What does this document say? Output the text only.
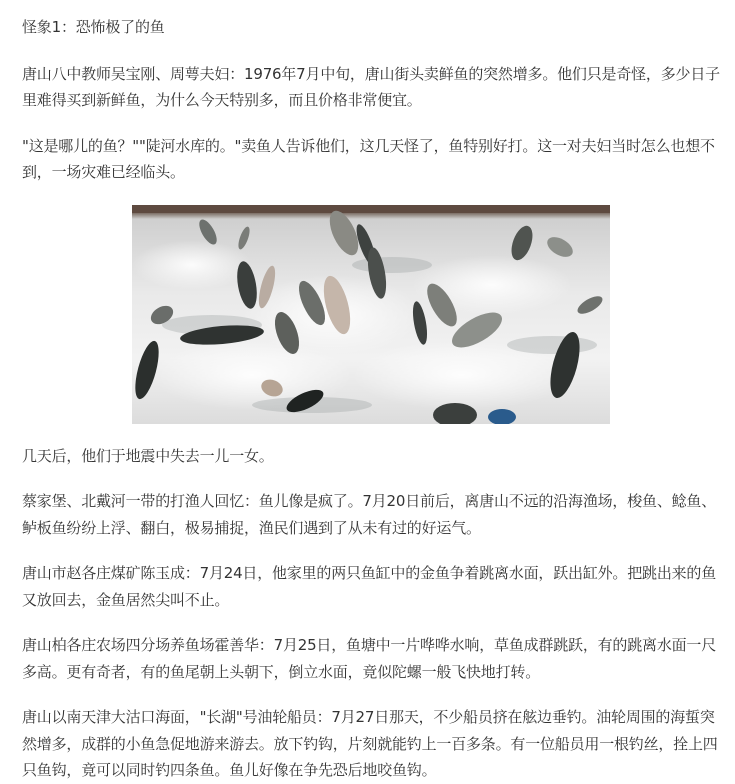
怪象1：恐怖极了的鱼

唐山八中教师吴宝刚、周萼夫妇：1976年7月中旬，唐山街头卖鲜鱼的突然增多。他们只是奇怪，多少日子里难得买到新鲜鱼，为什么今天特别多，而且价格非常便宜。

"这是哪儿的鱼？""陡河水库的。"卖鱼人告诉他们，这几天怪了，鱼特别好打。这一对夫妇当时怎么也想不到，一场灾难已经临头。

几天后，他们于地震中失去一儿一女。

蔡家堡、北戴河一带的打渔人回忆：鱼儿像是疯了。7月20日前后，离唐山不远的沿海渔场，梭鱼、鲶鱼、鲈板鱼纷纷上浮、翻白，极易捕捉，渔民们遇到了从未有过的好运气。

唐山市赵各庄煤矿陈玉成：7月24日，他家里的两只鱼缸中的金鱼争着跳离水面，跃出缸外。把跳出来的鱼又放回去，金鱼居然尖叫不止。

唐山柏各庄农场四分场养鱼场霍善华：7月25日，鱼塘中一片哗哗水响，草鱼成群跳跃，有的跳离水面一尺多高。更有奇者，有的鱼尾朝上头朝下，倒立水面，竟似陀螺一般飞快地打转。

唐山以南天津大沽口海面，"长湖"号油轮船员：7月27日那天，不少船员挤在舷边垂钓。油轮周围的海蜇突然增多，成群的小鱼急促地游来游去。放下钓钩，片刻就能钓上一百多条。有一位船员用一根钓丝，拴上四只鱼钩，竟可以同时钓四条鱼。鱼儿好像在争先恐后地咬鱼钩。
